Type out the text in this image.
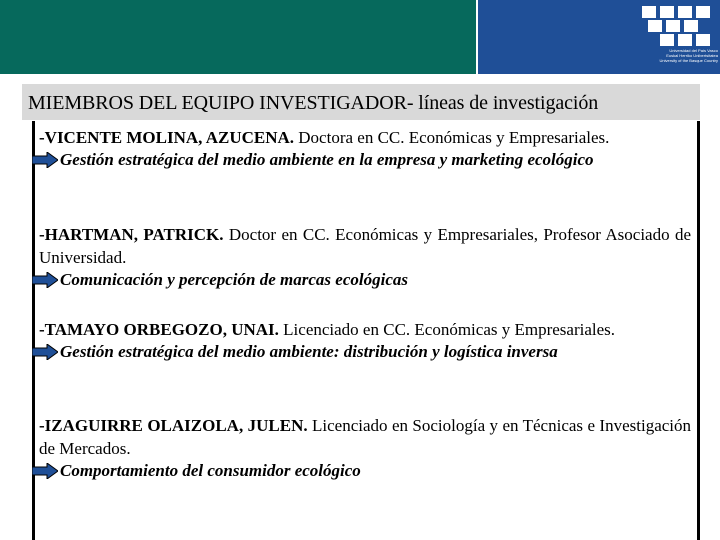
Universidad del País Vasco
Euskal Herriko Unibertsitatea
University of the Basque Country
MIEMBROS DEL EQUIPO INVESTIGADOR- líneas de investigación

-VICENTE MOLINA, AZUCENA. Doctora en CC. Económicas y Empresariales.

Gestión estratégica del medio ambiente en la empresa y marketing ecológico

-HARTMAN, PATRICK. Doctor en CC. Económicas y Empresariales, Profesor Asociado de Universidad.

Comunicación y percepción de marcas ecológicas

-TAMAYO ORBEGOZO, UNAI. Licenciado en CC. Económicas y Empresariales.

Gestión estratégica del medio ambiente: distribución y logística inversa

-IZAGUIRRE OLAIZOLA, JULEN. Licenciado en Sociología y en Técnicas e Investigación de Mercados.

Comportamiento del consumidor ecológico
